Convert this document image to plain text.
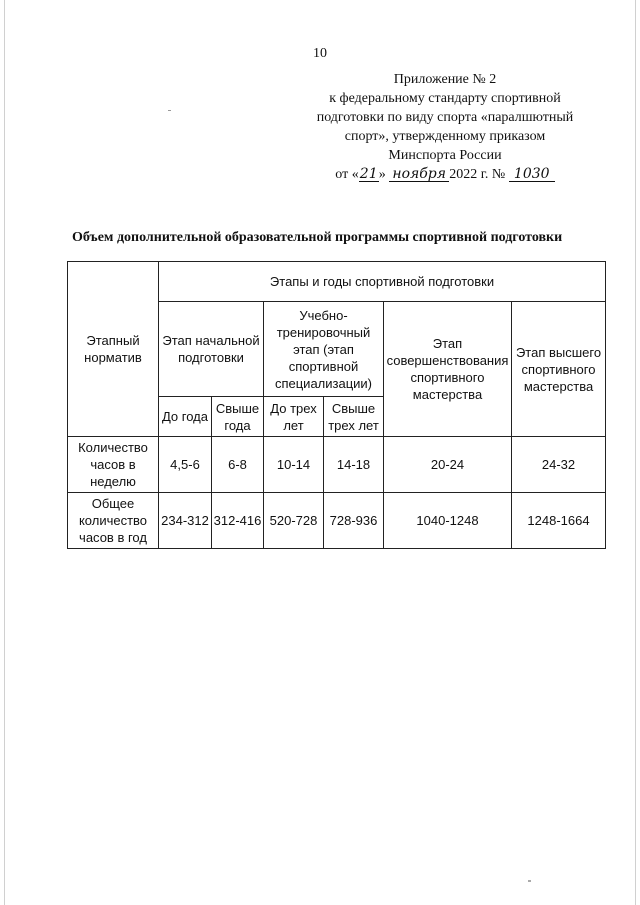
10
Приложение № 2
к федеральному стандарту спортивной
подготовки по виду спорта «паралшютный
спорт», утвержденному приказом
Минспорта России
от «21» ноября 2022 г. № 1030
Объем дополнительной образовательной программы спортивной подготовки
Этапный норматив	Этапы и годы спортивной подготовки					
	Этап начальной подготовки		Учебно-тренировочный этап (этап спортивной специализации)		Этап совершенствования спортивного мастерства	Этап высшего спортивного мастерства
	До года	Свыше года	До трех лет	Свыше трех лет		
Количество часов в неделю	4,5-6	6-8	10-14	14-18	20-24	24-32
Общее количество часов в год	234-312	312-416	520-728	728-936	1040-1248	1248-1664
